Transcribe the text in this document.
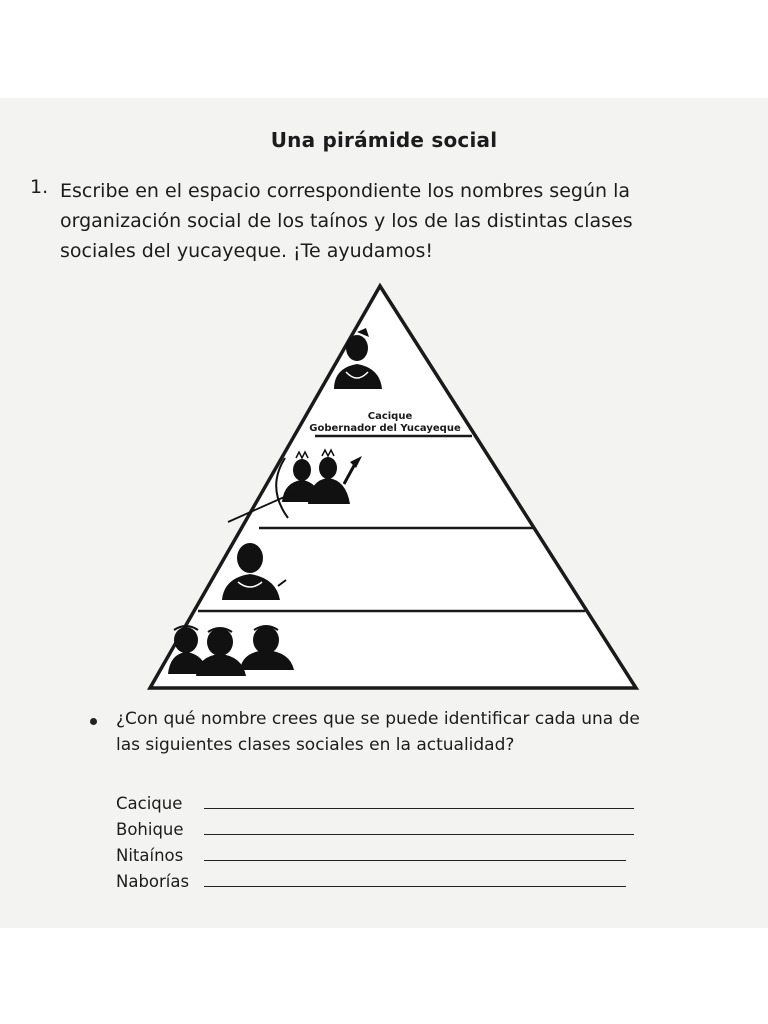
Una pirámide social
1. Escribe en el espacio correspondiente los nombres según la
organización social de los taínos y los de las distintas clases
sociales del yucayeque. ¡Te ayudamos!
Cacique
Gobernador del Yucayeque
¿Con qué nombre crees que se puede identificar cada una de
las siguientes clases sociales en la actualidad?
Cacique
Bohique
Nitaínos
Naborías
